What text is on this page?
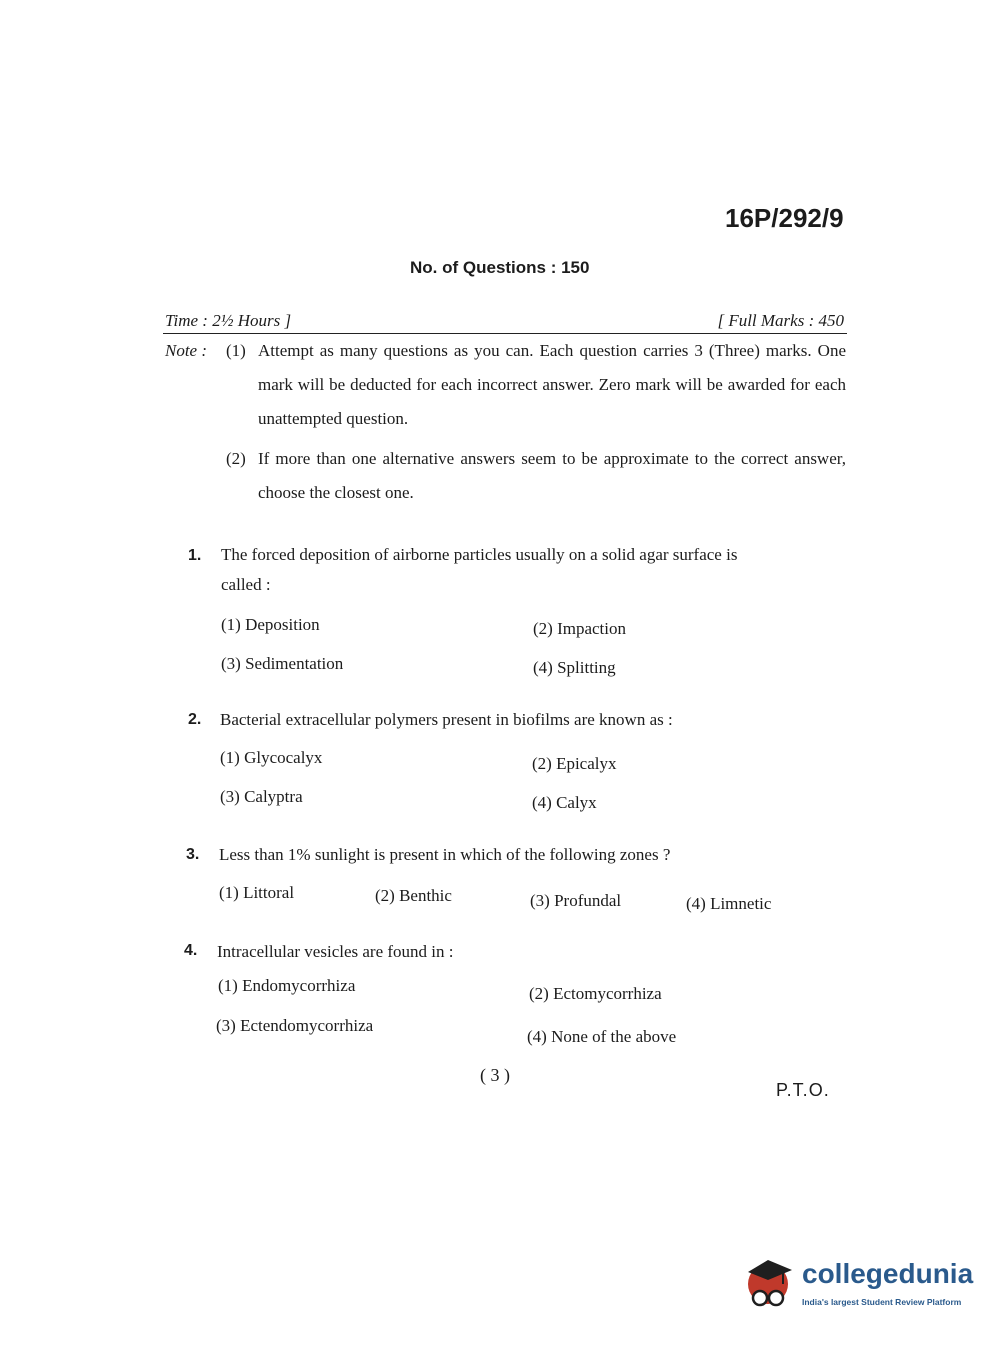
16P/292/9
No. of Questions : 150
Time : 2½ Hours ]	[ Full Marks : 450
Note : (1) Attempt as many questions as you can. Each question carries 3 (Three) marks. One mark will be deducted for each incorrect answer. Zero mark will be awarded for each unattempted question.
(2) If more than one alternative answers seem to be approximate to the correct answer, choose the closest one.
1. The forced deposition of airborne particles usually on a solid agar surface is
called :
(1) Deposition	(2) Impaction
(3) Sedimentation	(4) Splitting
2. Bacterial extracellular polymers present in biofilms are known as :
(1) Glycocalyx	(2) Epicalyx
(3) Calyptra	(4) Calyx
3. Less than 1% sunlight is present in which of the following zones ?
(1) Littoral	(2) Benthic	(3) Profundal	(4) Limnetic
4. Intracellular vesicles are found in :
(1) Endomycorrhiza	(2) Ectomycorrhiza
(3) Ectendomycorrhiza
(4) None of the above
( 3 )
P.T.O.
collegedunia
India's largest Student Review Platform
